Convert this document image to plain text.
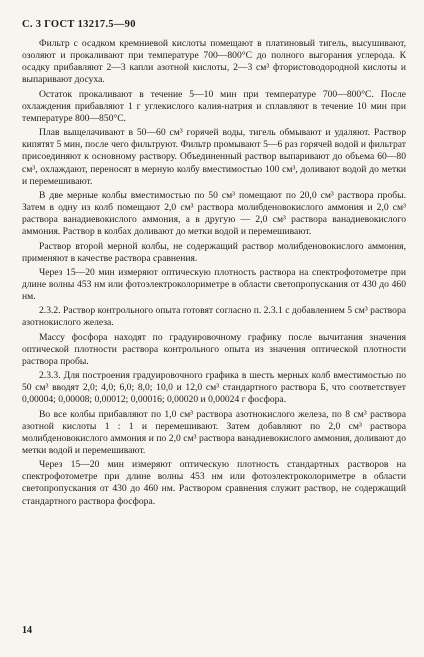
С. 3 ГОСТ 13217.5—90

Фильтр с осадком кремниевой кислоты помещают в платиновый тигель, высушивают, озоляют и прокаливают при температуре 700—800°С до полного выгорания углерода. К осадку прибавляют 2—3 капли азотной кислоты, 2—3 см³ фтористоводородной кислоты и выпаривают досуха.

Остаток прокаливают в течение 5—10 мин при температуре 700—800°С. После охлаждения прибавляют 1 г углекислого калия-натрия и сплавляют в течение 10 мин при температуре 800—850°С.

Плав выщелачивают в 50—60 см³ горячей воды, тигель обмывают и удаляют. Раствор кипятят 5 мин, после чего фильтруют. Фильтр промывают 5—6 раз горячей водой и фильтрат присоединяют к основному раствору. Объединенный раствор выпаривают до объема 60—80 см³, охлаждают, переносят в мерную колбу вместимостью 100 см³, доливают водой до метки и перемешивают.

В две мерные колбы вместимостью по 50 см³ помещают по 20,0 см³ раствора пробы. Затем в одну из колб помещают 2,0 см³ раствора молибденовокислого аммония и 2,0 см³ раствора ванадиевокислого аммония, а в другую — 2,0 см³ раствора ванадиевокислого аммония. Раствор в колбах доливают до метки водой и перемешивают.

Раствор второй мерной колбы, не содержащий раствор молибденовокислого аммония, применяют в качестве раствора сравнения.

Через 15—20 мин измеряют оптическую плотность раствора на спектрофотометре при длине волны 453 нм или фотоэлектроколориметре в области светопропускания от 430 до 460 нм.

2.3.2. Раствор контрольного опыта готовят согласно п. 2.3.1 с добавлением 5 см³ раствора азотнокислого железа.

Массу фосфора находят по градуировочному графику после вычитания значения оптической плотности раствора контрольного опыта из значения оптической плотности раствора пробы.

2.3.3. Для построения градуировочного графика в шесть мерных колб вместимостью по 50 см³ вводят 2,0; 4,0; 6,0; 8,0; 10,0 и 12,0 см³ стандартного раствора Б, что соответствует 0,00004; 0,00008; 0,00012; 0,00016; 0,00020 и 0,00024 г фосфора.

Во все колбы прибавляют по 1,0 см³ раствора азотнокислого железа, по 8 см³ раствора азотной кислоты 1 : 1 и перемешивают. Затем добавляют по 2,0 см³ раствора молибденовокислого аммония и по 2,0 см³ раствора ванадиевокислого аммония, доливают до метки водой и перемешивают.

Через 15—20 мин измеряют оптическую плотность стандартных растворов на спектрофотометре при длине волны 453 нм или фотоэлектроколориметре в области светопропускания от 430 до 460 нм. Раствором сравнения служит раствор, не содержащий стандартного раствора фосфора.

14
